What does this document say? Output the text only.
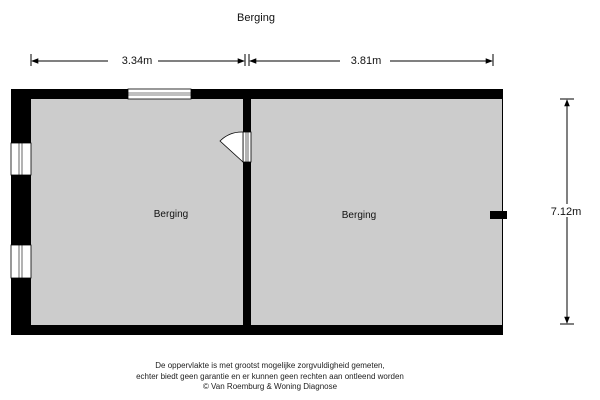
Berging
3.34m	3.81m
7.12m
Berging	Berging
De oppervlakte is met grootst mogelijke zorgvuldigheid gemeten,
echter biedt geen garantie en er kunnen geen rechten aan ontleend worden
© Van Roemburg & Woning Diagnose
